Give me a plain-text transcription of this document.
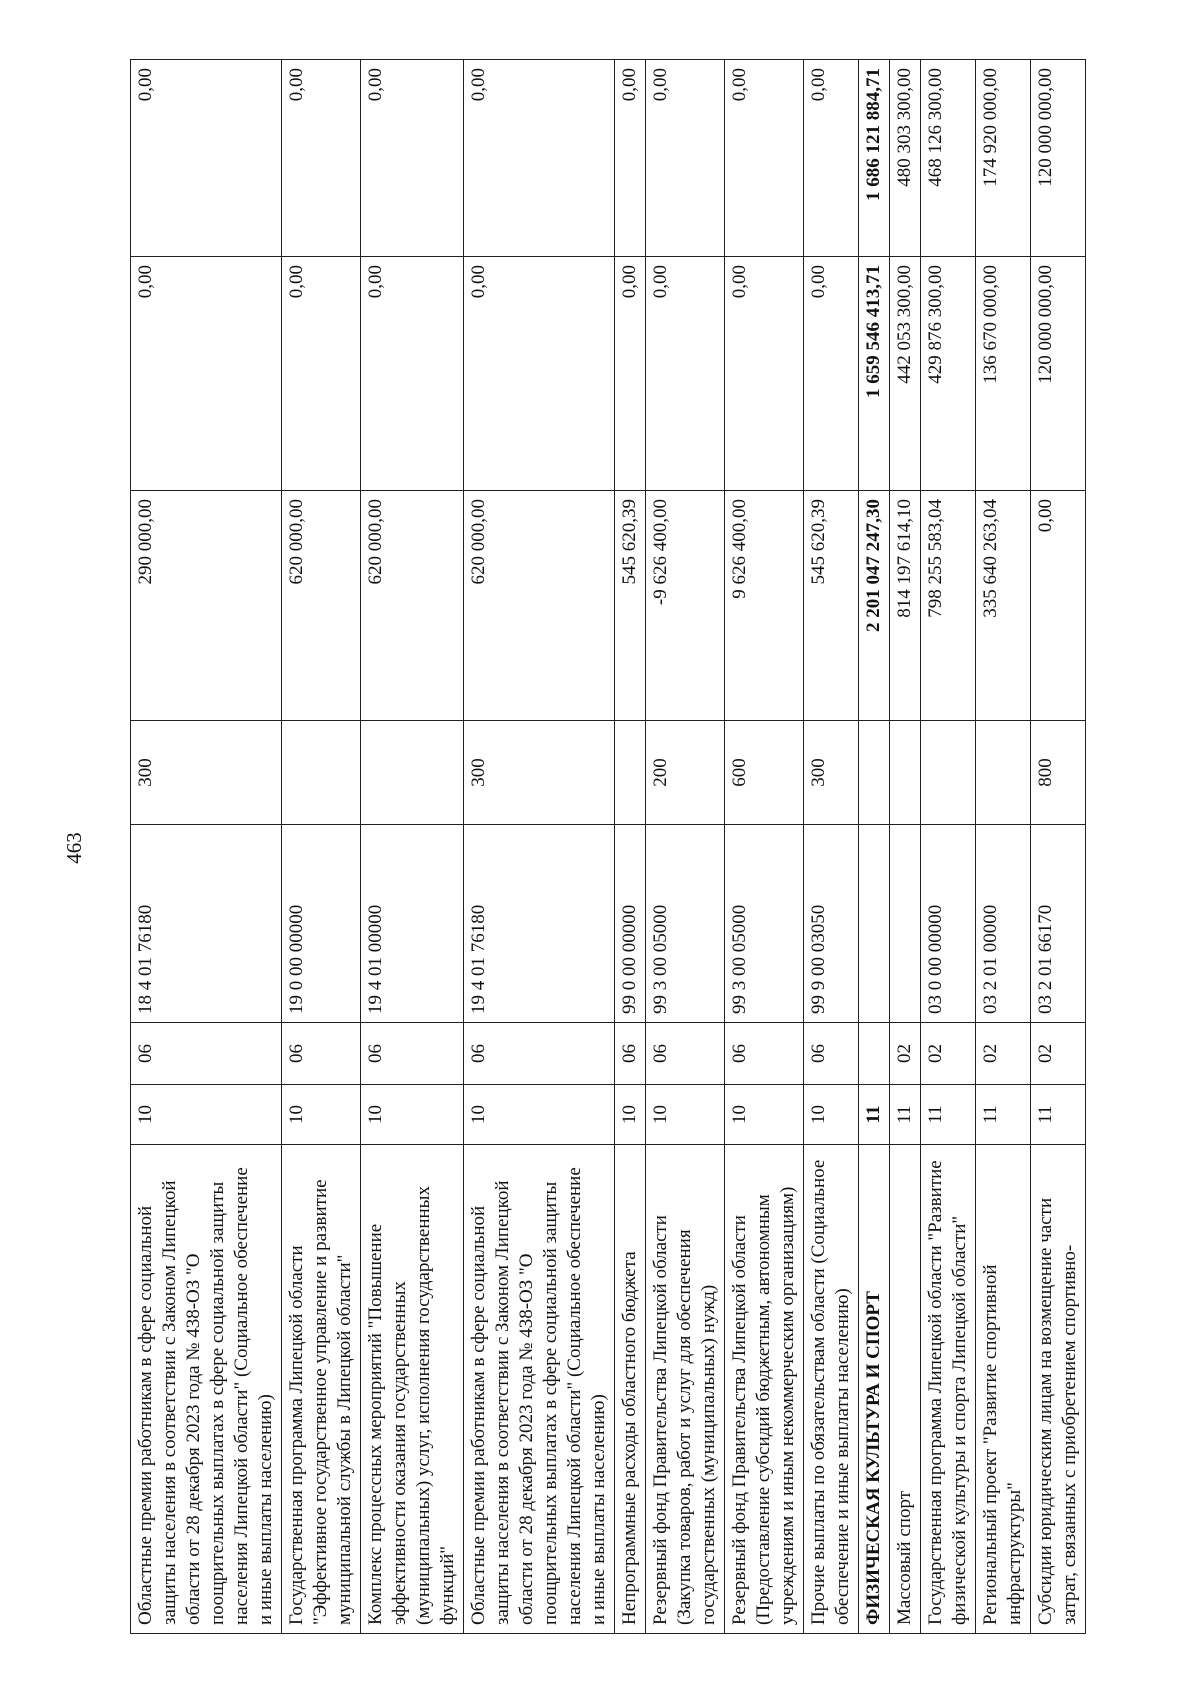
463
Областные премии работникам в сфере социальной защиты населения в соответствии с Законом Липецкой области от 28 декабря 2023 года № 438-ОЗ "О поощрительных выплатах в сфере социальной защиты населения Липецкой области" (Социальное обеспечение и иные выплаты населению)	10	06	18 4 01 76180	300	290 000,00	0,00	0,00
Государственная программа Липецкой области "Эффективное государственное управление и развитие муниципальной службы в Липецкой области"	10	06	19 0 00 00000		620 000,00	0,00	0,00
Комплекс процессных мероприятий "Повышение эффективности оказания государственных (муниципальных) услуг, исполнения государственных функций"	10	06	19 4 01 00000		620 000,00	0,00	0,00
Областные премии работникам в сфере социальной защиты населения в соответствии с Законом Липецкой области от 28 декабря 2023 года № 438-ОЗ "О поощрительных выплатах в сфере социальной защиты населения Липецкой области" (Социальное обеспечение и иные выплаты населению)	10	06	19 4 01 76180	300	620 000,00	0,00	0,00
Непрограммные расходы областного бюджета	10	06	99 0 00 00000		545 620,39	0,00	0,00
Резервный фонд Правительства Липецкой области (Закупка товаров, работ и услуг для обеспечения государственных (муниципальных) нужд)	10	06	99 3 00 05000	200	-9 626 400,00	0,00	0,00
Резервный фонд Правительства Липецкой области (Предоставление субсидий бюджетным, автономным учреждениям и иным некоммерческим организациям)	10	06	99 3 00 05000	600	9 626 400,00	0,00	0,00
Прочие выплаты по обязательствам области (Социальное обеспечение и иные выплаты населению)	10	06	99 9 00 03050	300	545 620,39	0,00	0,00
ФИЗИЧЕСКАЯ КУЛЬТУРА И СПОРТ	11				2 201 047 247,30	1 659 546 413,71	1 686 121 884,71
Массовый спорт	11	02			814 197 614,10	442 053 300,00	480 303 300,00
Государственная программа Липецкой области "Развитие физической культуры и спорта Липецкой области"	11	02	03 0 00 00000		798 255 583,04	429 876 300,00	468 126 300,00
Региональный проект "Развитие спортивной инфраструктуры"	11	02	03 2 01 00000		335 640 263,04	136 670 000,00	174 920 000,00
Субсидии юридическим лицам на возмещение части затрат, связанных с приобретением спортивно-	11	02	03 2 01 66170	800	0,00	120 000 000,00	120 000 000,00
